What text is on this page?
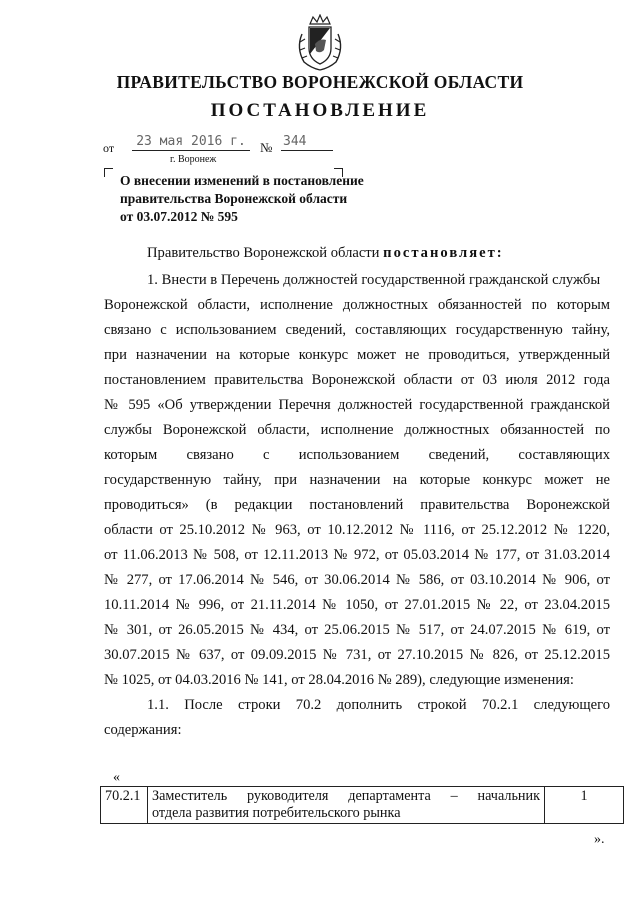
ПРАВИТЕЛЬСТВО ВОРОНЕЖСКОЙ ОБЛАСТИ
ПОСТАНОВЛЕНИЕ
от	23 мая 2016 г.	№ 344
г. Воронеж
О внесении изменений в постановление
правительства Воронежской области
от 03.07.2012 № 595
Правительство Воронежской области постановляет:
1. Внести в Перечень должностей государственной гражданской службы
Воронежской области, исполнение должностных обязанностей по которым
связано с использованием сведений, составляющих государственную тайну,
при назначении на которые конкурс может не проводиться, утвержденный
постановлением правительства Воронежской области от 03 июля 2012 года
№ 595 «Об утверждении Перечня должностей государственной гражданской
службы Воронежской области, исполнение должностных обязанностей по
которым связано с использованием сведений, составляющих
государственную тайну, при назначении на которые конкурс может не
проводиться» (в редакции постановлений правительства Воронежской
области от 25.10.2012 № 963, от 10.12.2012 № 1116, от 25.12.2012 № 1220,
от 11.06.2013 № 508, от 12.11.2013 № 972, от 05.03.2014 № 177, от 31.03.2014
№ 277, от 17.06.2014 № 546, от 30.06.2014 № 586, от 03.10.2014 № 906, от
10.11.2014 № 996, от 21.11.2014 № 1050, от 27.01.2015 № 22, от 23.04.2015
№ 301, от 26.05.2015 № 434, от 25.06.2015 № 517, от 24.07.2015 № 619, от
30.07.2015 № 637, от 09.09.2015 № 731, от 27.10.2015 № 826, от 25.12.2015
№ 1025, от 04.03.2016 № 141, от 28.04.2016 № 289), следующие изменения:
1.1. После строки 70.2 дополнить строкой 70.2.1 следующего
содержания:
«
70.2.1	Заместитель руководителя департамента – начальник
отдела развития потребительского рынка
	1
».
